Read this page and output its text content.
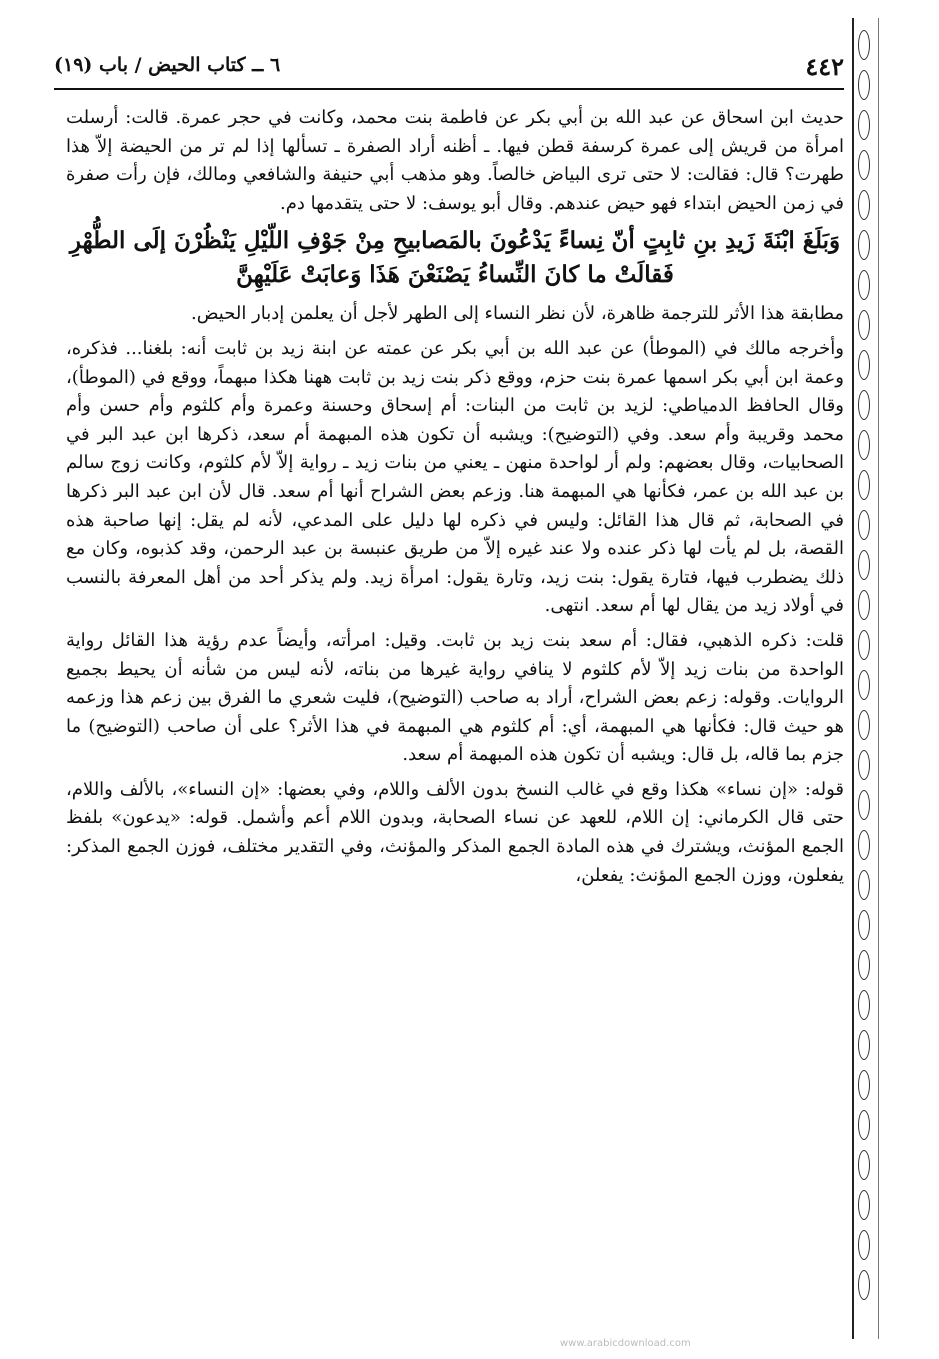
٤٤٢
٦ ــ كتاب الحيض / باب (١٩)

حديث ابن اسحاق عن عبد الله بن أبي بكر عن فاطمة بنت محمد، وكانت في حجر عمرة. قالت: أرسلت امرأة من قريش إلى عمرة كرسفة قطن فيها. ـ أظنه أراد الصفرة ـ تسألها إذا لم تر من الحيضة إلاّ هذا طهرت؟ قال: فقالت: لا حتى ترى البياض خالصاً. وهو مذهب أبي حنيفة والشافعي ومالك، فإن رأت صفرة في زمن الحيض ابتداء فهو حيض عندهم. وقال أبو يوسف: لا حتى يتقدمها دم.

وَبَلَغَ ابْنَةَ زَيدِ بنِ ثابِتٍ أنّ نِساءً يَدْعُونَ بالمَصابيحِ مِنْ جَوْفِ اللّيْلِ يَنْظُرْنَ إلَى الطُّهْرِ
فَقالَتْ ما كانَ النِّساءُ يَصْنَعْنَ هَذَا وَعابَتْ عَلَيْهِنَّ

مطابقة هذا الأثر للترجمة ظاهرة، لأن نظر النساء إلى الطهر لأجل أن يعلمن إدبار الحيض.

وأخرجه مالك في (الموطأ) عن عبد الله بن أبي بكر عن عمته عن ابنة زيد بن ثابت أنه: بلغنا... فذكره، وعمة ابن أبي بكر اسمها عمرة بنت حزم، ووقع ذكر بنت زيد بن ثابت ههنا هكذا مبهماً، ووقع في (الموطأ)، وقال الحافظ الدمياطي: لزيد بن ثابت من البنات: أم إسحاق وحسنة وعمرة وأم كلثوم وأم حسن وأم محمد وقريبة وأم سعد. وفي (التوضيح): ويشبه أن تكون هذه المبهمة أم سعد، ذكرها ابن عبد البر في الصحابيات، وقال بعضهم: ولم أر لواحدة منهن ـ يعني من بنات زيد ـ رواية إلاّ لأم كلثوم، وكانت زوج سالم بن عبد الله بن عمر، فكأنها هي المبهمة هنا. وزعم بعض الشراح أنها أم سعد. قال لأن ابن عبد البر ذكرها في الصحابة، ثم قال هذا القائل: وليس في ذكره لها دليل على المدعي، لأنه لم يقل: إنها صاحبة هذه القصة، بل لم يأت لها ذكر عنده ولا عند غيره إلاّ من طريق عنبسة بن عبد الرحمن، وقد كذبوه، وكان مع ذلك يضطرب فيها، فتارة يقول: بنت زيد، وتارة يقول: امرأة زيد. ولم يذكر أحد من أهل المعرفة بالنسب في أولاد زيد من يقال لها أم سعد. انتهى.

قلت: ذكره الذهبي، فقال: أم سعد بنت زيد بن ثابت. وقيل: امرأته، وأيضاً عدم رؤية هذا القائل رواية الواحدة من بنات زيد إلاّ لأم كلثوم لا ينافي رواية غيرها من بناته، لأنه ليس من شأنه أن يحيط بجميع الروايات. وقوله: زعم بعض الشراح، أراد به صاحب (التوضيح)، فليت شعري ما الفرق بين زعم هذا وزعمه هو حيث قال: فكأنها هي المبهمة، أي: أم كلثوم هي المبهمة في هذا الأثر؟ على أن صاحب (التوضيح) ما جزم بما قاله، بل قال: ويشبه أن تكون هذه المبهمة أم سعد.

قوله: «إن نساء» هكذا وقع في غالب النسخ بدون الألف واللام، وفي بعضها: «إن النساء»، بالألف واللام، حتى قال الكرماني: إن اللام، للعهد عن نساء الصحابة، وبدون اللام أعم وأشمل. قوله: «يدعون» بلفظ الجمع المؤنث، ويشترك في هذه المادة الجمع المذكر والمؤنث، وفي التقدير مختلف، فوزن الجمع المذكر: يفعلون، ووزن الجمع المؤنث: يفعلن،

www.arabicdownload.com
